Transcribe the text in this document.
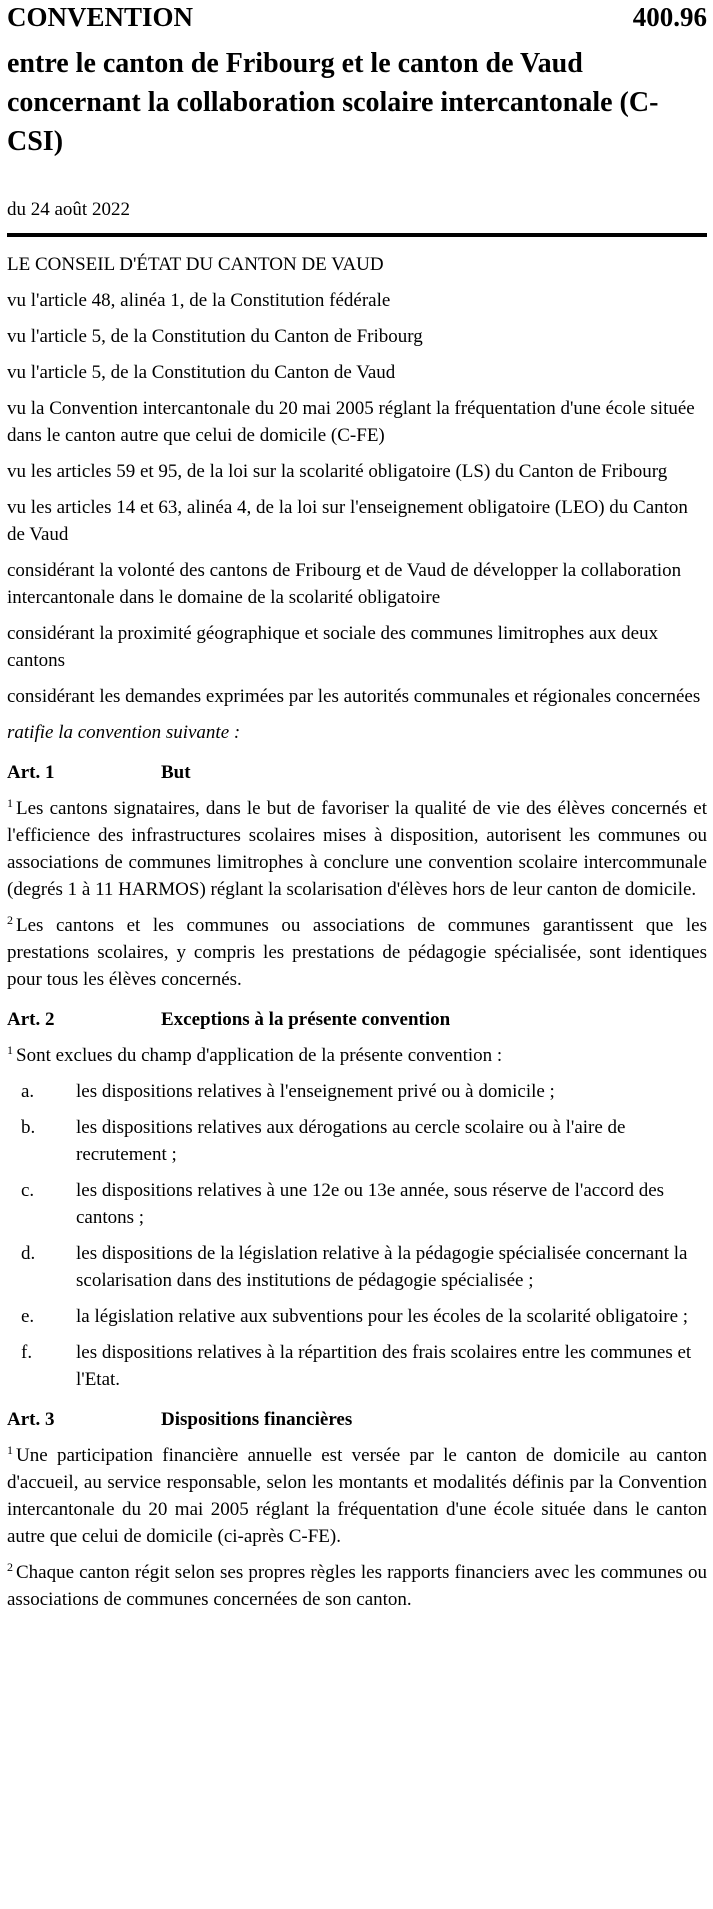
CONVENTION	400.96
entre le canton de Fribourg et le canton de Vaud concernant la collaboration scolaire intercantonale (C-CSI)
du 24 août 2022

LE CONSEIL D'ÉTAT DU CANTON DE VAUD

vu l'article 48, alinéa 1, de la Constitution fédérale

vu l'article 5, de la Constitution du Canton de Fribourg

vu l'article 5, de la Constitution du Canton de Vaud

vu la Convention intercantonale du 20 mai 2005 réglant la fréquentation d'une école située dans le canton autre que celui de domicile (C-FE)

vu les articles 59 et 95, de la loi sur la scolarité obligatoire (LS) du Canton de Fribourg

vu les articles 14 et 63, alinéa 4, de la loi sur l'enseignement obligatoire (LEO) du Canton de Vaud

considérant la volonté des cantons de Fribourg et de Vaud de développer la collaboration intercantonale dans le domaine de la scolarité obligatoire

considérant la proximité géographique et sociale des communes limitrophes aux deux cantons

considérant les demandes exprimées par les autorités communales et régionales concernées

ratifie la convention suivante :

Art. 1	But

$^1$ Les cantons signataires, dans le but de favoriser la qualité de vie des élèves concernés et l'efficience des infrastructures scolaires mises à disposition, autorisent les communes ou associations de communes limitrophes à conclure une convention scolaire intercommunale (degrés 1 à 11 HARMOS) réglant la scolarisation d'élèves hors de leur canton de domicile.

$^2$ Les cantons et les communes ou associations de communes garantissent que les prestations scolaires, y compris les prestations de pédagogie spécialisée, sont identiques pour tous les élèves concernés.

Art. 2	Exceptions à la présente convention

$^1$ Sont exclues du champ d'application de la présente convention :

a.	les dispositions relatives à l'enseignement privé ou à domicile ;
b.	les dispositions relatives aux dérogations au cercle scolaire ou à l'aire de recrutement ;
c.	les dispositions relatives à une 12e ou 13e année, sous réserve de l'accord des cantons ;
d.	les dispositions de la législation relative à la pédagogie spécialisée concernant la scolarisation dans des institutions de pédagogie spécialisée ;
e.	la législation relative aux subventions pour les écoles de la scolarité obligatoire ;
f.	les dispositions relatives à la répartition des frais scolaires entre les communes et l'Etat.
Art. 3	Dispositions financières

$^1$ Une participation financière annuelle est versée par le canton de domicile au canton d'accueil, au service responsable, selon les montants et modalités définis par la Convention intercantonale du 20 mai 2005 réglant la fréquentation d'une école située dans le canton autre que celui de domicile (ci-après C-FE).

$^2$ Chaque canton régit selon ses propres règles les rapports financiers avec les communes ou associations de communes concernées de son canton.
